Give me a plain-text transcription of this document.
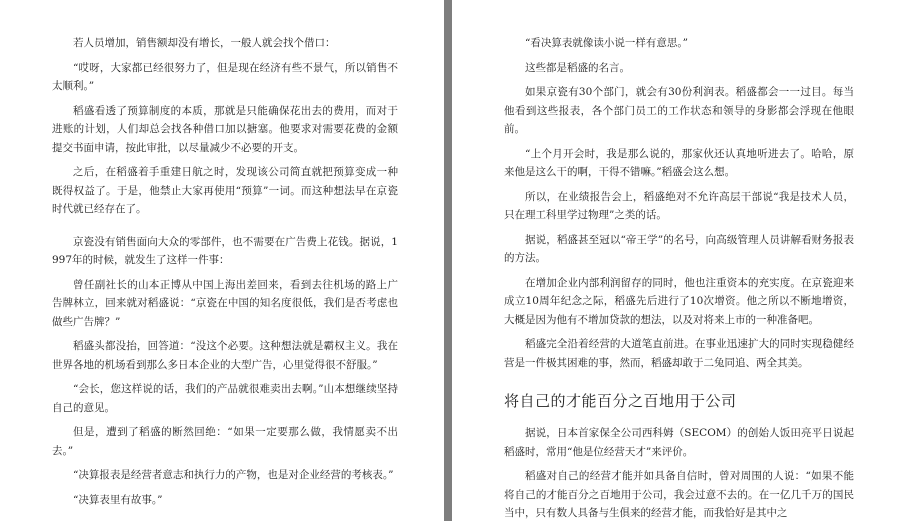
若人员增加，销售额却没有增长，一般人就会找个借口：

“哎呀，大家都已经很努力了，但是现在经济有些不景气，所以销售不太顺利。”

稻盛看透了预算制度的本质，那就是只能确保花出去的费用，而对于进账的计划，人们却总会找各种借口加以搪塞。他要求对需要花费的金额提交书面申请，按此审批，以尽量减少不必要的开支。

之后，在稻盛着手重建日航之时，发现该公司简直就把预算变成一种既得权益了。于是，他禁止大家再使用“预算”一词。而这种想法早在京瓷时代就已经存在了。

京瓷没有销售面向大众的零部件，也不需要在广告费上花钱。据说，1997年的时候，就发生了这样一件事：

曾任副社长的山本正博从中国上海出差回来，看到去往机场的路上广告牌林立，回来就对稻盛说：“京瓷在中国的知名度很低，我们是否考虑也做些广告牌？”

稻盛头都没抬，回答道：“没这个必要。这种想法就是霸权主义。我在世界各地的机场看到那么多日本企业的大型广告，心里觉得很不舒服。”

“会长，您这样说的话，我们的产品就很难卖出去啊。”山本想继续坚持自己的意见。

但是，遭到了稻盛的断然回绝：“如果一定要那么做，我情愿卖不出去。”

“决算报表是经营者意志和执行力的产物，也是对企业经营的考核表。”

“决算表里有故事。”

“看决算表就像读小说一样有意思。”

这些都是稻盛的名言。

如果京瓷有30个部门，就会有30份利润表。稻盛都会一一过目。每当他看到这些报表，各个部门员工的工作状态和领导的身影都会浮现在他眼前。

“上个月开会时，我是那么说的，那家伙还认真地听进去了。哈哈，原来他是这么干的啊，干得不错嘛。”稻盛会这么想。

所以，在业绩报告会上，稻盛绝对不允许高层干部说“我是技术人员，只在理工科里学过物理”之类的话。

据说，稻盛甚至冠以“帝王学”的名号，向高级管理人员讲解看财务报表的方法。

在增加企业内部利润留存的同时，他也注重资本的充实度。在京瓷迎来成立10周年纪念之际，稻盛先后进行了10次增资。他之所以不断地增资，大概是因为他有不增加贷款的想法，以及对将来上市的一种准备吧。

稻盛完全沿着经营的大道笔直前进。在事业迅速扩大的同时实现稳健经营是一件极其困难的事，然而，稻盛却敢于二兔同追、两全其美。

将自己的才能百分之百地用于公司

据说，日本首家保全公司西科姆（SECOM）的创始人饭田亮平日说起稻盛时，常用“他是位经营天才”来评价。

稻盛对自己的经营才能并如具备自信时，曾对周围的人说：“如果不能将自己的才能百分之百地用于公司，我会过意不去的。在一亿几千万的国民当中，只有数人具备与生俱来的经营才能，而我恰好是其中之
